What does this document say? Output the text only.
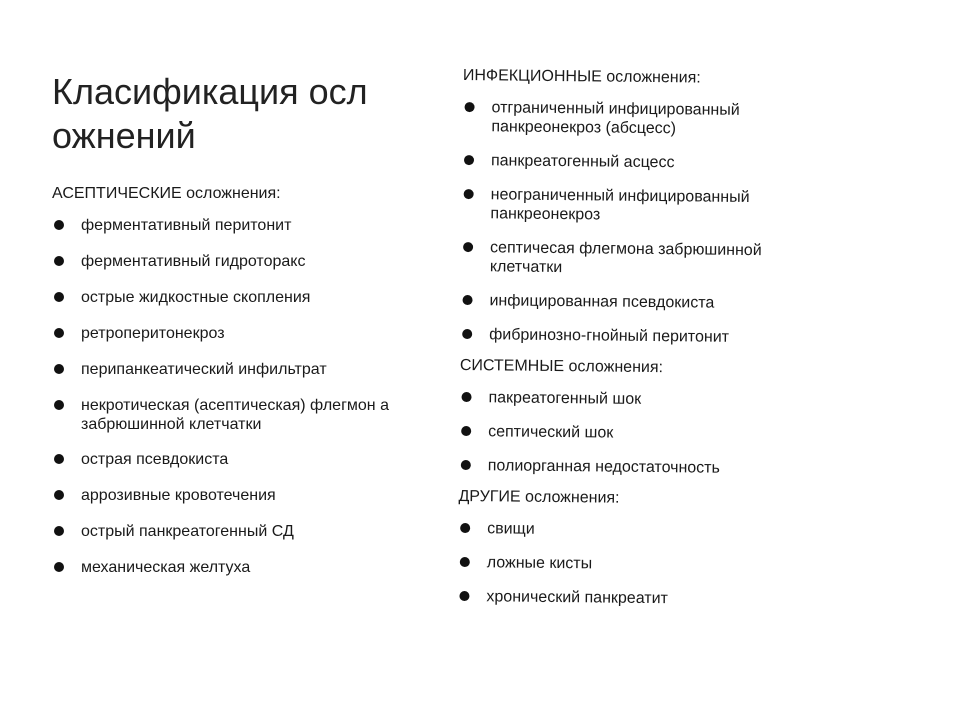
Класификация осл ожнений
АСЕПТИЧЕСКИЕ осложнения:
ферментативный перитонит
ферментативный гидроторакс
острые жидкостные скопления
ретроперитонекроз
перипанкеатический инфильтрат
некротическая (асептическая) флегмон а забрюшинной клетчатки
острая псевдокиста
аррозивные кровотечения
острый панкреатогенный СД
механическая желтуха
ИНФЕКЦИОННЫЕ осложнения:
отграниченный инфицированный панкреонекроз (абсцесс)
панкреатогенный асцесс
неограниченный инфицированный панкреонекроз
септичесая флегмона забрюшинной клетчатки
инфицированная псевдокиста
фибринозно-гнойный перитонит
СИСТЕМНЫЕ осложнения:
пакреатогенный шок
септический шок
полиорганная недостаточность
ДРУГИЕ осложнения:
свищи
ложные кисты
хронический панкреатит
